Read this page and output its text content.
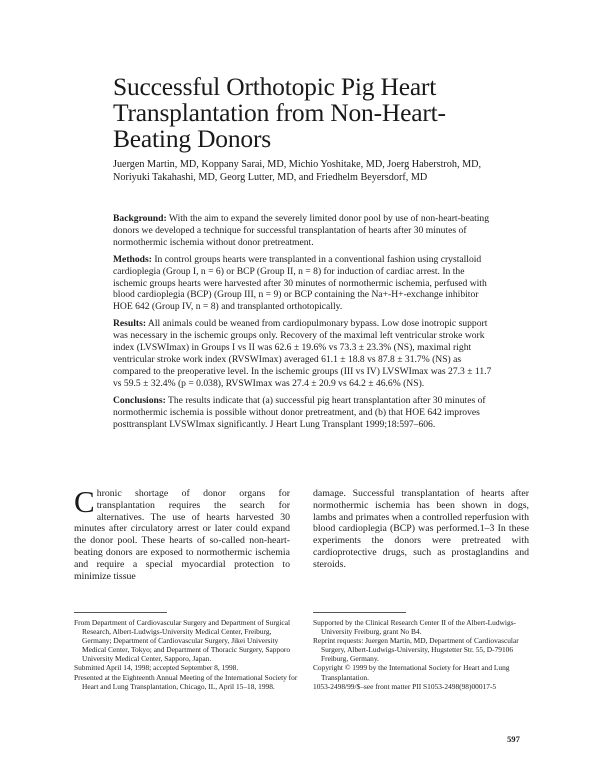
Successful Orthotopic Pig Heart Transplantation from Non-Heart-Beating Donors
Juergen Martin, MD, Koppany Sarai, MD, Michio Yoshitake, MD, Joerg Haberstroh, MD, Noriyuki Takahashi, MD, Georg Lutter, MD, and Friedhelm Beyersdorf, MD

Background: With the aim to expand the severely limited donor pool by use of non-heart-beating donors we developed a technique for successful transplantation of hearts after 30 minutes of normothermic ischemia without donor pretreatment.

Methods: In control groups hearts were transplanted in a conventional fashion using crystalloid cardioplegia (Group I, n = 6) or BCP (Group II, n = 8) for induction of cardiac arrest. In the ischemic groups hearts were harvested after 30 minutes of normothermic ischemia, perfused with blood cardioplegia (BCP) (Group III, n = 9) or BCP containing the Na+-H+-exchange inhibitor HOE 642 (Group IV, n = 8) and transplanted orthotopically.

Results: All animals could be weaned from cardiopulmonary bypass. Low dose inotropic support was necessary in the ischemic groups only. Recovery of the maximal left ventricular stroke work index (LVSWImax) in Groups I vs II was 62.6 ± 19.6% vs 73.3 ± 23.3% (NS), maximal right ventricular stroke work index (RVSWImax) averaged 61.1 ± 18.8 vs 87.8 ± 31.7% (NS) as compared to the preoperative level. In the ischemic groups (III vs IV) LVSWImax was 27.3 ± 11.7 vs 59.5 ± 32.4% (p = 0.038), RVSWImax was 27.4 ± 20.9 vs 64.2 ± 46.6% (NS).

Conclusions: The results indicate that (a) successful pig heart transplantation after 30 minutes of normothermic ischemia is possible without donor pretreatment, and (b) that HOE 642 improves posttransplant LVSWImax significantly. J Heart Lung Transplant 1999;18:597–606.

Chronic shortage of donor organs for transplantation requires the search for alternatives. The use of hearts harvested 30 minutes after circulatory arrest or later could expand the donor pool. These hearts of so-called non-heart-beating donors are exposed to normothermic ischemia and require a special myocardial protection to minimize tissue

damage. Successful transplantation of hearts after normothermic ischemia has been shown in dogs, lambs and primates when a controlled reperfusion with blood cardioplegia (BCP) was performed.1–3 In these experiments the donors were pretreated with cardioprotective drugs, such as prostaglandins and steroids.

From Department of Cardiovascular Surgery and Department of Surgical Research, Albert-Ludwigs-University Medical Center, Freiburg, Germany; Department of Cardiovascular Surgery, Jikei University Medical Center, Tokyo; and Department of Thoracic Surgery, Sapporo University Medical Center, Sapporo, Japan.

Submitted April 14, 1998; accepted September 8, 1998.

Presented at the Eighteenth Annual Meeting of the International Society for Heart and Lung Transplantation, Chicago, IL, April 15–18, 1998.

Supported by the Clinical Research Center II of the Albert-Ludwigs-University Freiburg, grant No B4.

Reprint requests: Juergen Martin, MD, Department of Cardiovascular Surgery, Albert-Ludwigs-University, Hugstetter Str. 55, D-79106 Freiburg, Germany.

Copyright © 1999 by the International Society for Heart and Lung Transplantation.

1053-2498/99/$–see front matter PII S1053-2498(98)00017-5

597
